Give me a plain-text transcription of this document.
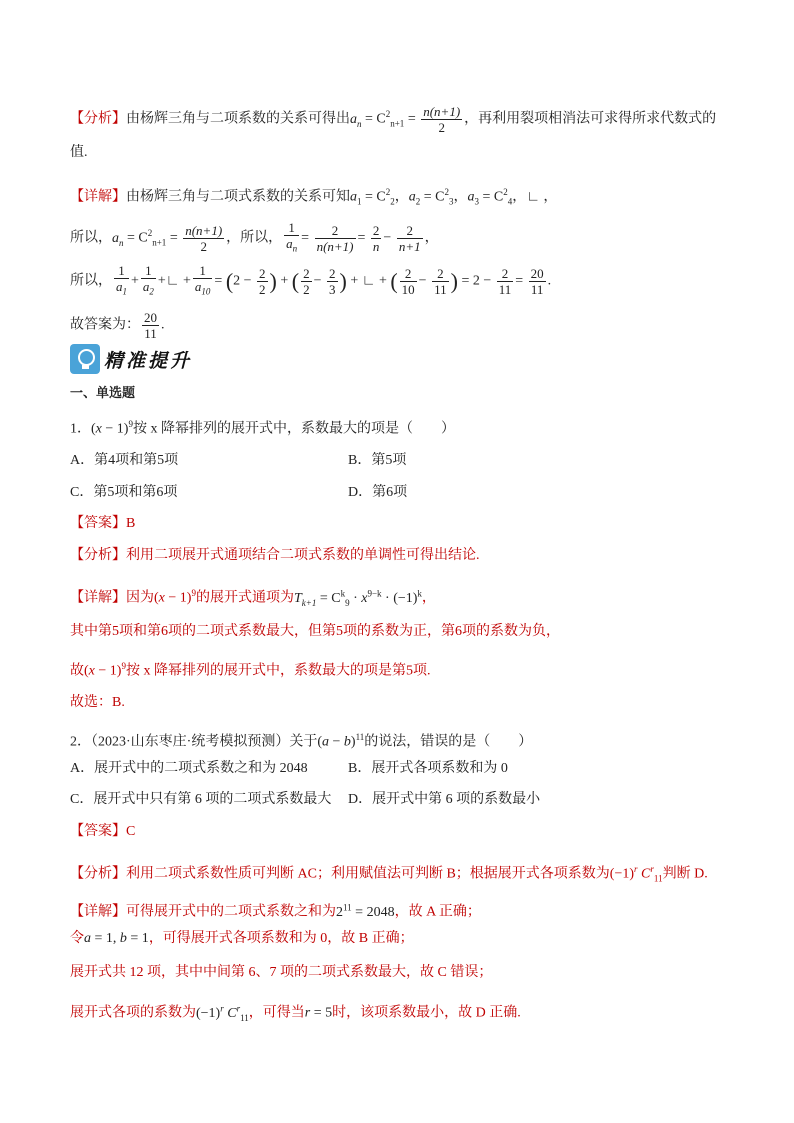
【分析】由杨辉三角与二项系数的关系可得出$a_n = C^2_{n+1} = \frac{n(n+1)}{2}$ ，再利用裂项相消法可求得所求代数式的
值.
【详解】由杨辉三角与二项式系数的关系可知$a_1 = C^2_2$，$a_2 = C^2_3$，$a_3 = C^2_4$，∟ ，
所以，$a_n = C^2_{n+1} = \frac{n(n+1)}{2}$ ，所以， $\frac{1}{a_n} = \frac{2}{n(n+1)} = \frac{2}{n} - \frac{2}{n+1}$ ，
所以， $\frac{1}{a_1} + \frac{1}{a_2}$ +∟ + $\frac{1}{a_{10}} = (2 - \frac{2}{2}$ ) + ( $\frac{2}{2} - \frac{2}{3}$ ) + ∟ + ( $\frac{2}{10} - \frac{2}{11}$ ) = $2 - \frac{2}{11} = \frac{20}{11}$ .
故答案为： $\frac{20}{11}$ .
精准提升
一、单选题
1．$(x - 1)^9$按 x 降幂排列的展开式中，系数最大的项是（　　）
A．第4项和第5项	B．第5项
C．第5项和第6项	D．第6项
【答案】B
【分析】利用二项展开式通项结合二项式系数的单调性可得出结论.
【详解】因为$(x - 1)^9$的展开式通项为$T_{k+1} = C^k_9 \cdot x^{9-k} \cdot (-1)^k$，
其中第5项和第6项的二项式系数最大，但第5项的系数为正，第6项的系数为负，
故$(x - 1)^9$按 x 降幂排列的展开式中，系数最大的项是第5项.
故选：B.
2．（2023·山东枣庄·统考模拟预测）关于$(a - b)^{11}$的说法，错误的是（　　）
A．展开式中的二项式系数之和为 2048	B．展开式各项系数和为 0
C．展开式中只有第 6 项的二项式系数最大 D．展开式中第 6 项的系数最小
【答案】C
【分析】利用二项式系数性质可判断 AC；利用赋值法可判断 B；根据展开式各项系数为$(-1)^r$ $C^r_{11}$判断 D.
【详解】可得展开式中的二项式系数之和为$2^{11} = 2048$，故 A 正确；
令a = 1, b = 1，可得展开式各项系数和为 0，故 B 正确；
展开式共 12 项，其中中间第 6、7 项的二项式系数最大，故 C 错误；
展开式各项的系数为$(-1)^r$ $C^r_{11}$，可得当r = 5时，该项系数最小，故 D 正确.
